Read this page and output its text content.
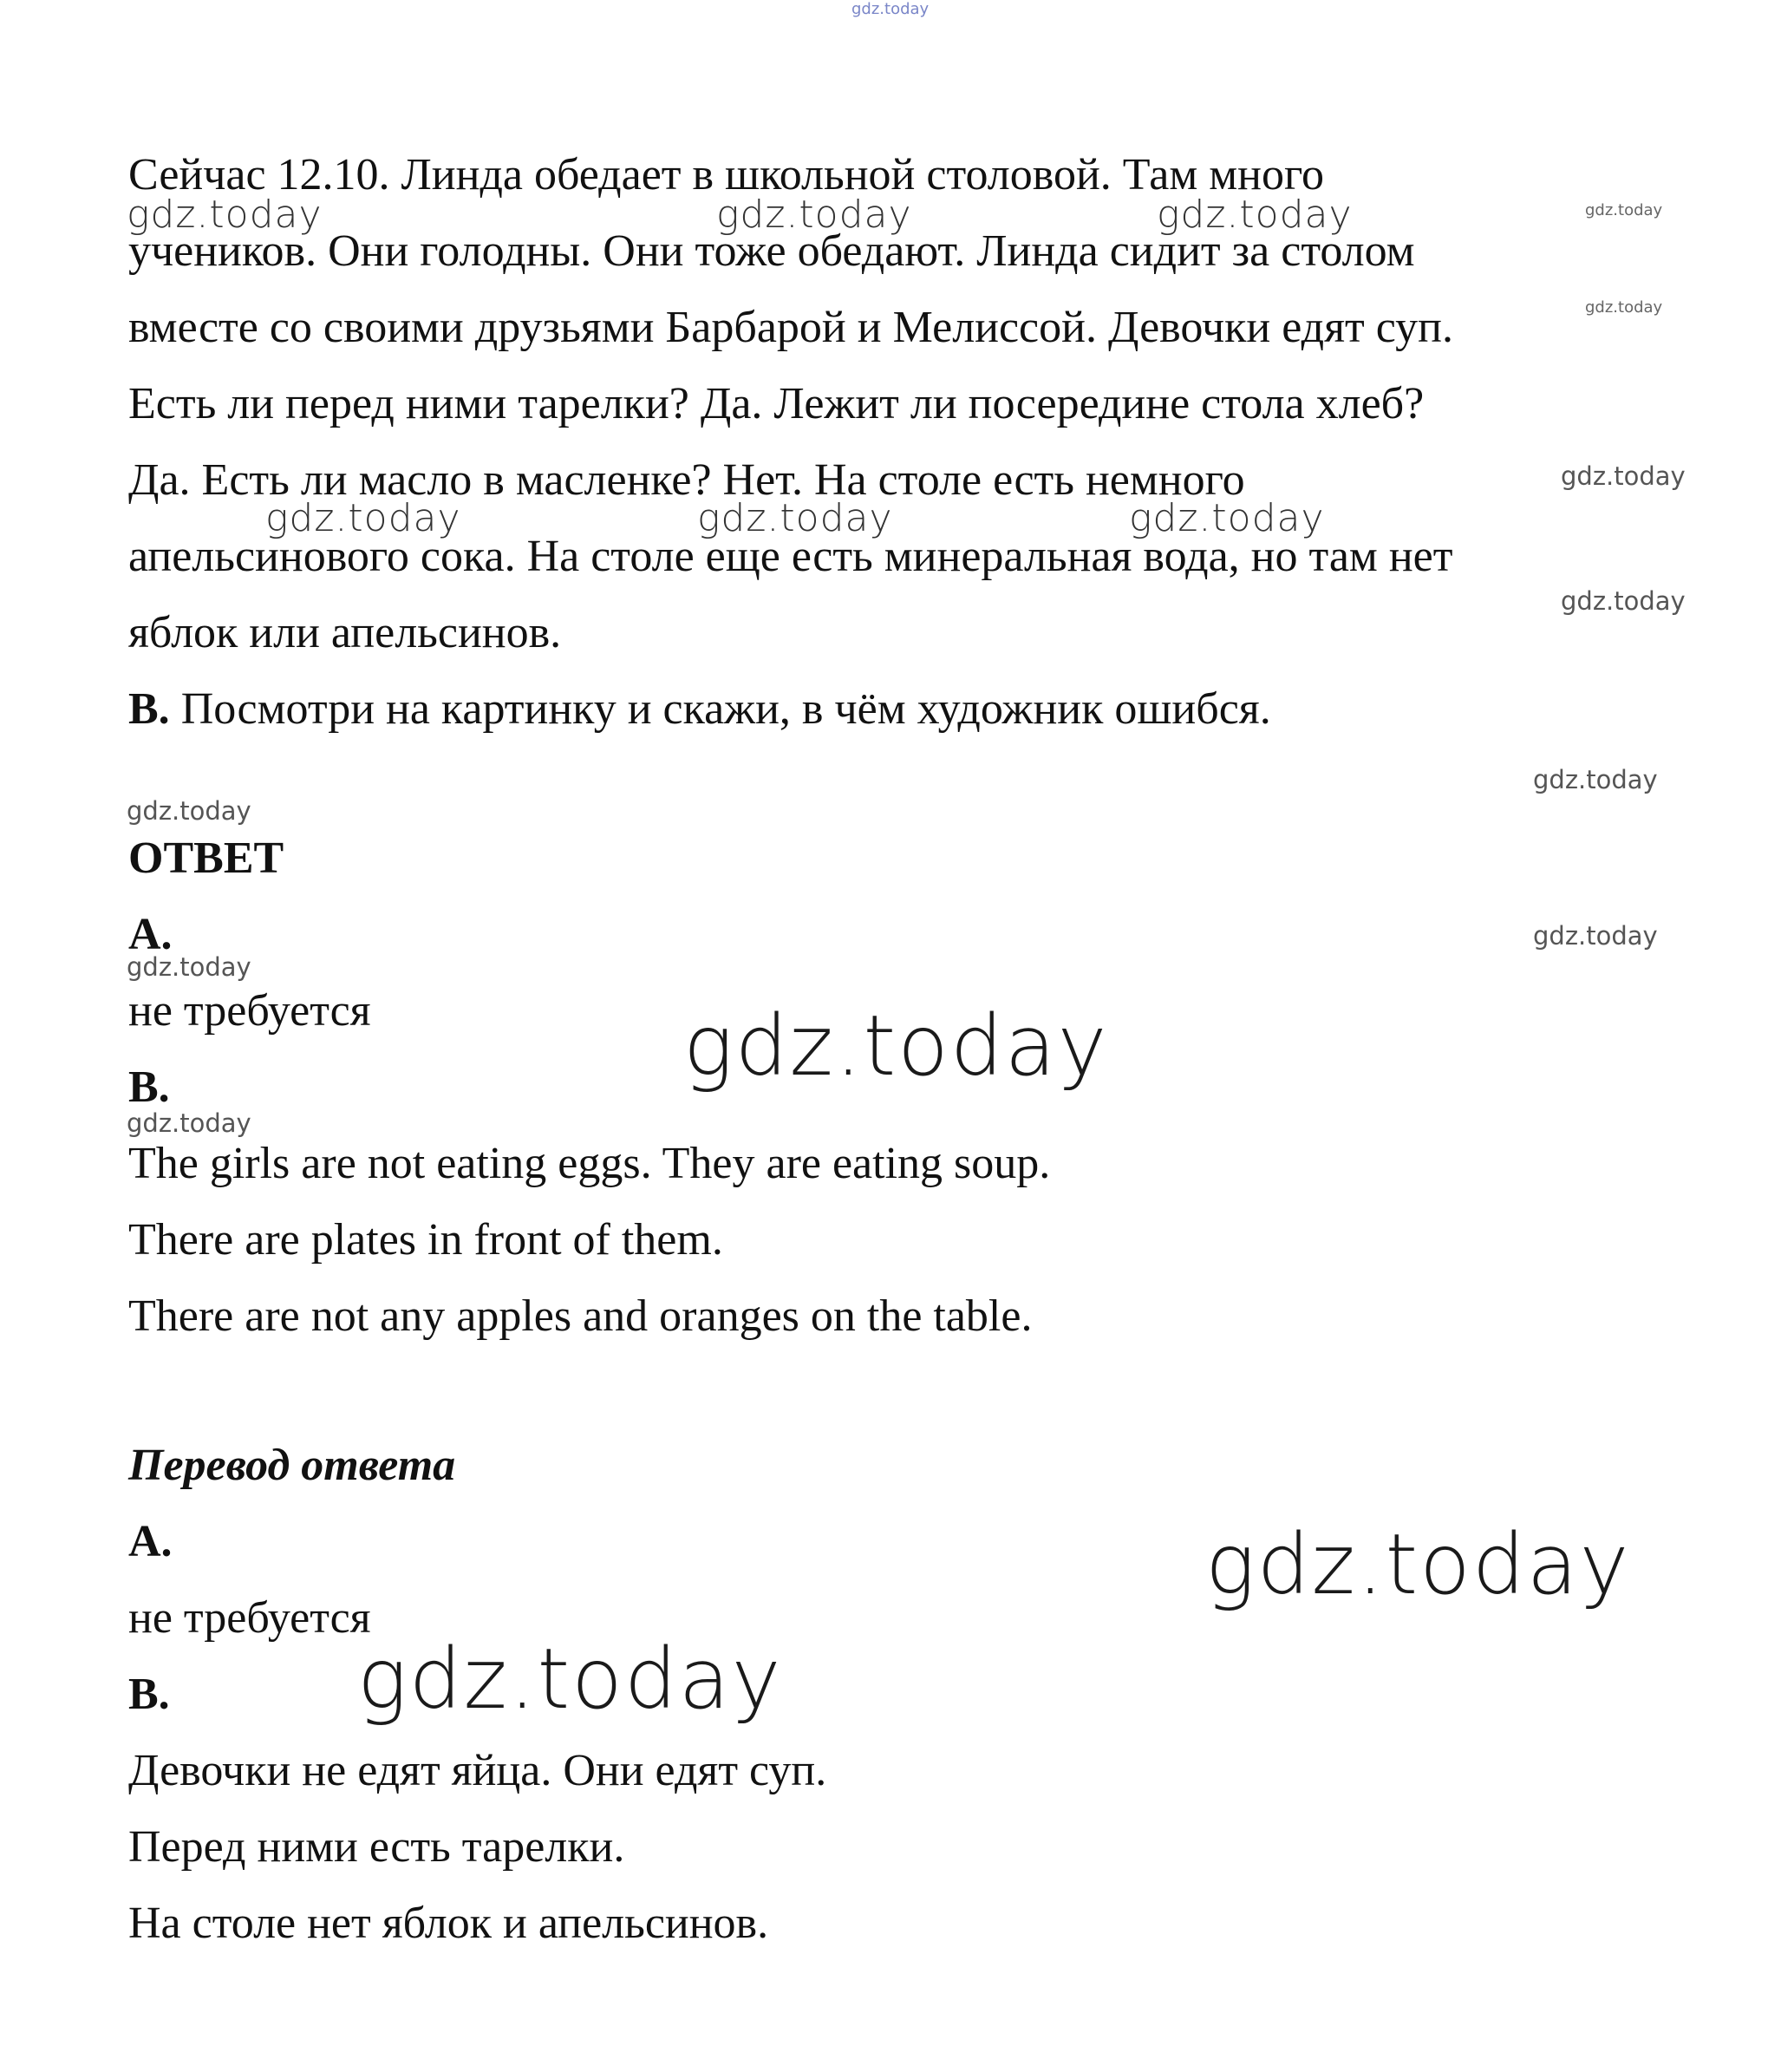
Сейчас 12.10. Линда обедает в школьной столовой. Там много
учеников. Они голодны. Они тоже обедают. Линда сидит за столом
вместе со своими друзьями Барбарой и Мелиссой. Девочки едят суп.
Есть ли перед ними тарелки? Да. Лежит ли посередине стола хлеб?
Да. Есть ли масло в масленке? Нет. На столе есть немного
апельсинового сока. На столе еще есть минеральная вода, но там нет
яблок или апельсинов.
B. Посмотри на картинку и скажи, в чём художник ошибся.
ОТВЕТ
A.
не требуется
B.
The girls are not eating eggs. They are eating soup.
There are plates in front of them.
There are not any apples and oranges on the table.
Перевод ответа
A.
не требуется
B.
Девочки не едят яйца. Они едят суп.
Перед ними есть тарелки.
На столе нет яблок и апельсинов.
gdz.today
gdz.today	gdz.today	gdz.today	gdz.today
gdz.today
gdz.today	gdz.today	gdz.today
gdz.today
gdz.today
gdz.today
gdz.today
gdz.today
gdz.today
gdz.today
gdz.today
gdz.today
gdz.today
